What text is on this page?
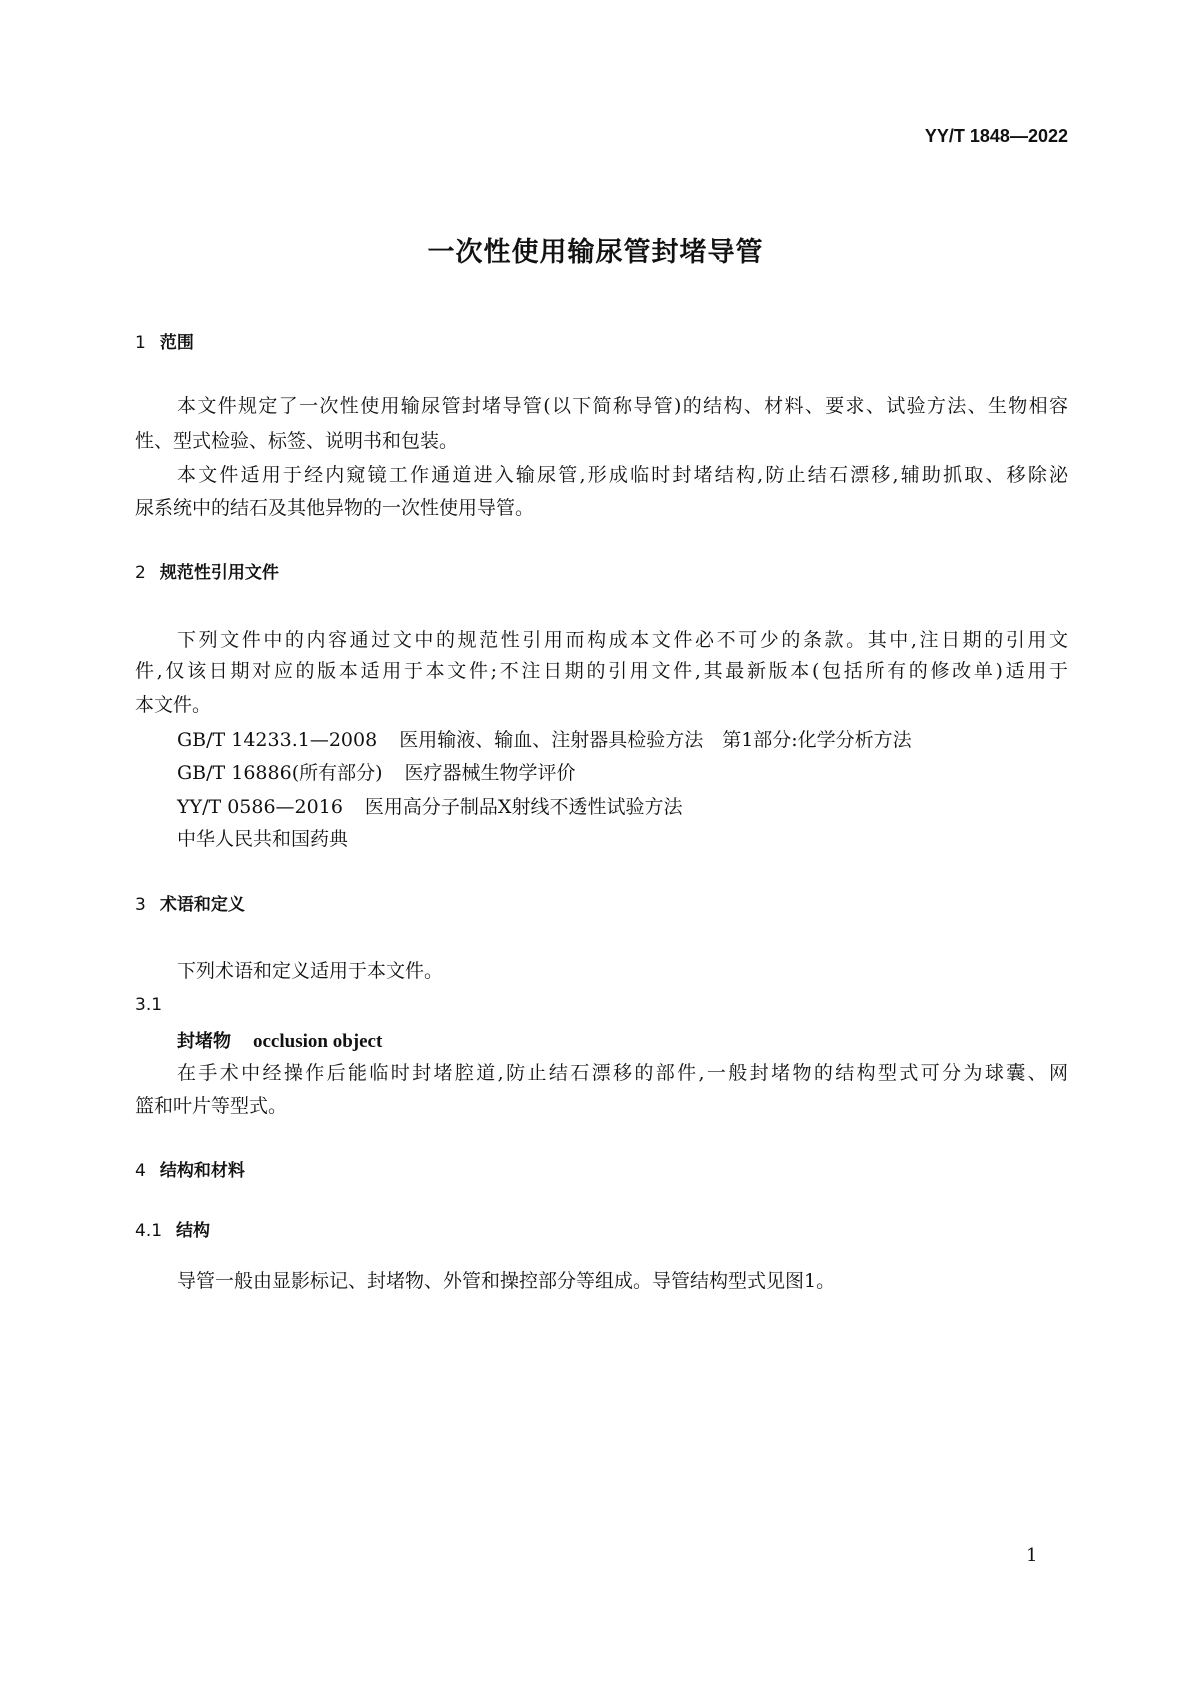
YY/T 1848—2022
一次性使用输尿管封堵导管
1 范围
本文件规定了一次性使用输尿管封堵导管(以下简称导管)的结构、材料、要求、试验方法、生物相容
性、型式检验、标签、说明书和包装。
本文件适用于经内窥镜工作通道进入输尿管,形成临时封堵结构,防止结石漂移,辅助抓取、移除泌
尿系统中的结石及其他异物的一次性使用导管。
2 规范性引用文件
下列文件中的内容通过文中的规范性引用而构成本文件必不可少的条款。其中,注日期的引用文
件,仅该日期对应的版本适用于本文件;不注日期的引用文件,其最新版本(包括所有的修改单)适用于
本文件。
GB/T 14233.1—2008 医用输液、输血、注射器具检验方法　第1部分:化学分析方法
GB/T 16886(所有部分) 医疗器械生物学评价
YY/T 0586—2016 医用高分子制品X射线不透性试验方法
中华人民共和国药典
3 术语和定义
下列术语和定义适用于本文件。
3.1
封堵物 occlusion object
在手术中经操作后能临时封堵腔道,防止结石漂移的部件,一般封堵物的结构型式可分为球囊、网
篮和叶片等型式。
4 结构和材料
4.1 结构
导管一般由显影标记、封堵物、外管和操控部分等组成。导管结构型式见图1。
1
